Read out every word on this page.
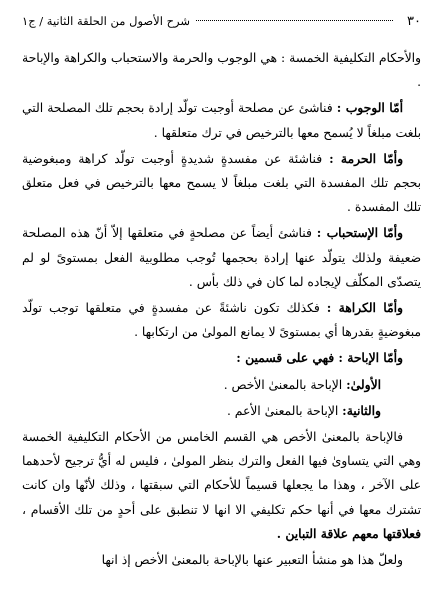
٣٠
شرح الأصول من الحلقة الثانية / ج١

والأحكام التكليفية الخمسة : هي الوجوب والحرمة والاستحباب والكراهة والإباحة .

أمّا الوجوب : فناشئ عن مصلحة أوجبت تولّد إرادة بحجم تلك المصلحة التي بلغت مبلغاً لا يُسمح معها بالترخيص في ترك متعلقها .

وأمّا الحرمة : فناشئة عن مفسدةٍ شديدةٍ أوجبت تولّد كراهة ومبغوضية بحجم تلك المفسدة التي بلغت مبلغاً لا يسمح معها بالترخيص في فعل متعلق تلك المفسدة .

وأمّا الإستحباب : فناشئ أيضاً عن مصلحةٍ في متعلقها إلاّ أنّ هذه المصلحة ضعيفة ولذلك يتولّد عنها إرادة بحجمها تُوجب مطلوبية الفعل بمستوىً لو لم يتصدّى المكلّف لإيجاده لما كان في ذلك بأس .

وأمّا الكراهة : فكذلك تكون ناشئةً عن مفسدةٍ في متعلقها توجب تولّد مبغوضيةٍ بقدرها أي بمستوىً لا يمانع المولىٰ من ارتكابها .

وأمّا الإباحة : فهي على قسمين :

الأولىٰ: الإباحة بالمعنىٰ الأخص .

والثانية: الإباحة بالمعنىٰ الأعم .

فالإباحة بالمعنىٰ الأخص هي القسم الخامس من الأحكام التكليفية الخمسة وهي التي يتساوىٰ فيها الفعل والترك بنظر المولىٰ ، فليس له أيُّ ترجيح لأحدهما على الآخر ، وهذا ما يجعلها قسيماً للأحكام التي سبقتها ، وذلك لأنّها وان كانت تشترك معها في أنها حكم تكليفي الا انها لا تنطبق على أحدٍ من تلك الأقسام ، فعلاقتها معهم علاقة التباين .

ولعلّ هذا هو منشأ التعبير عنها بالإباحة بالمعنىٰ الأخص إذ انها
